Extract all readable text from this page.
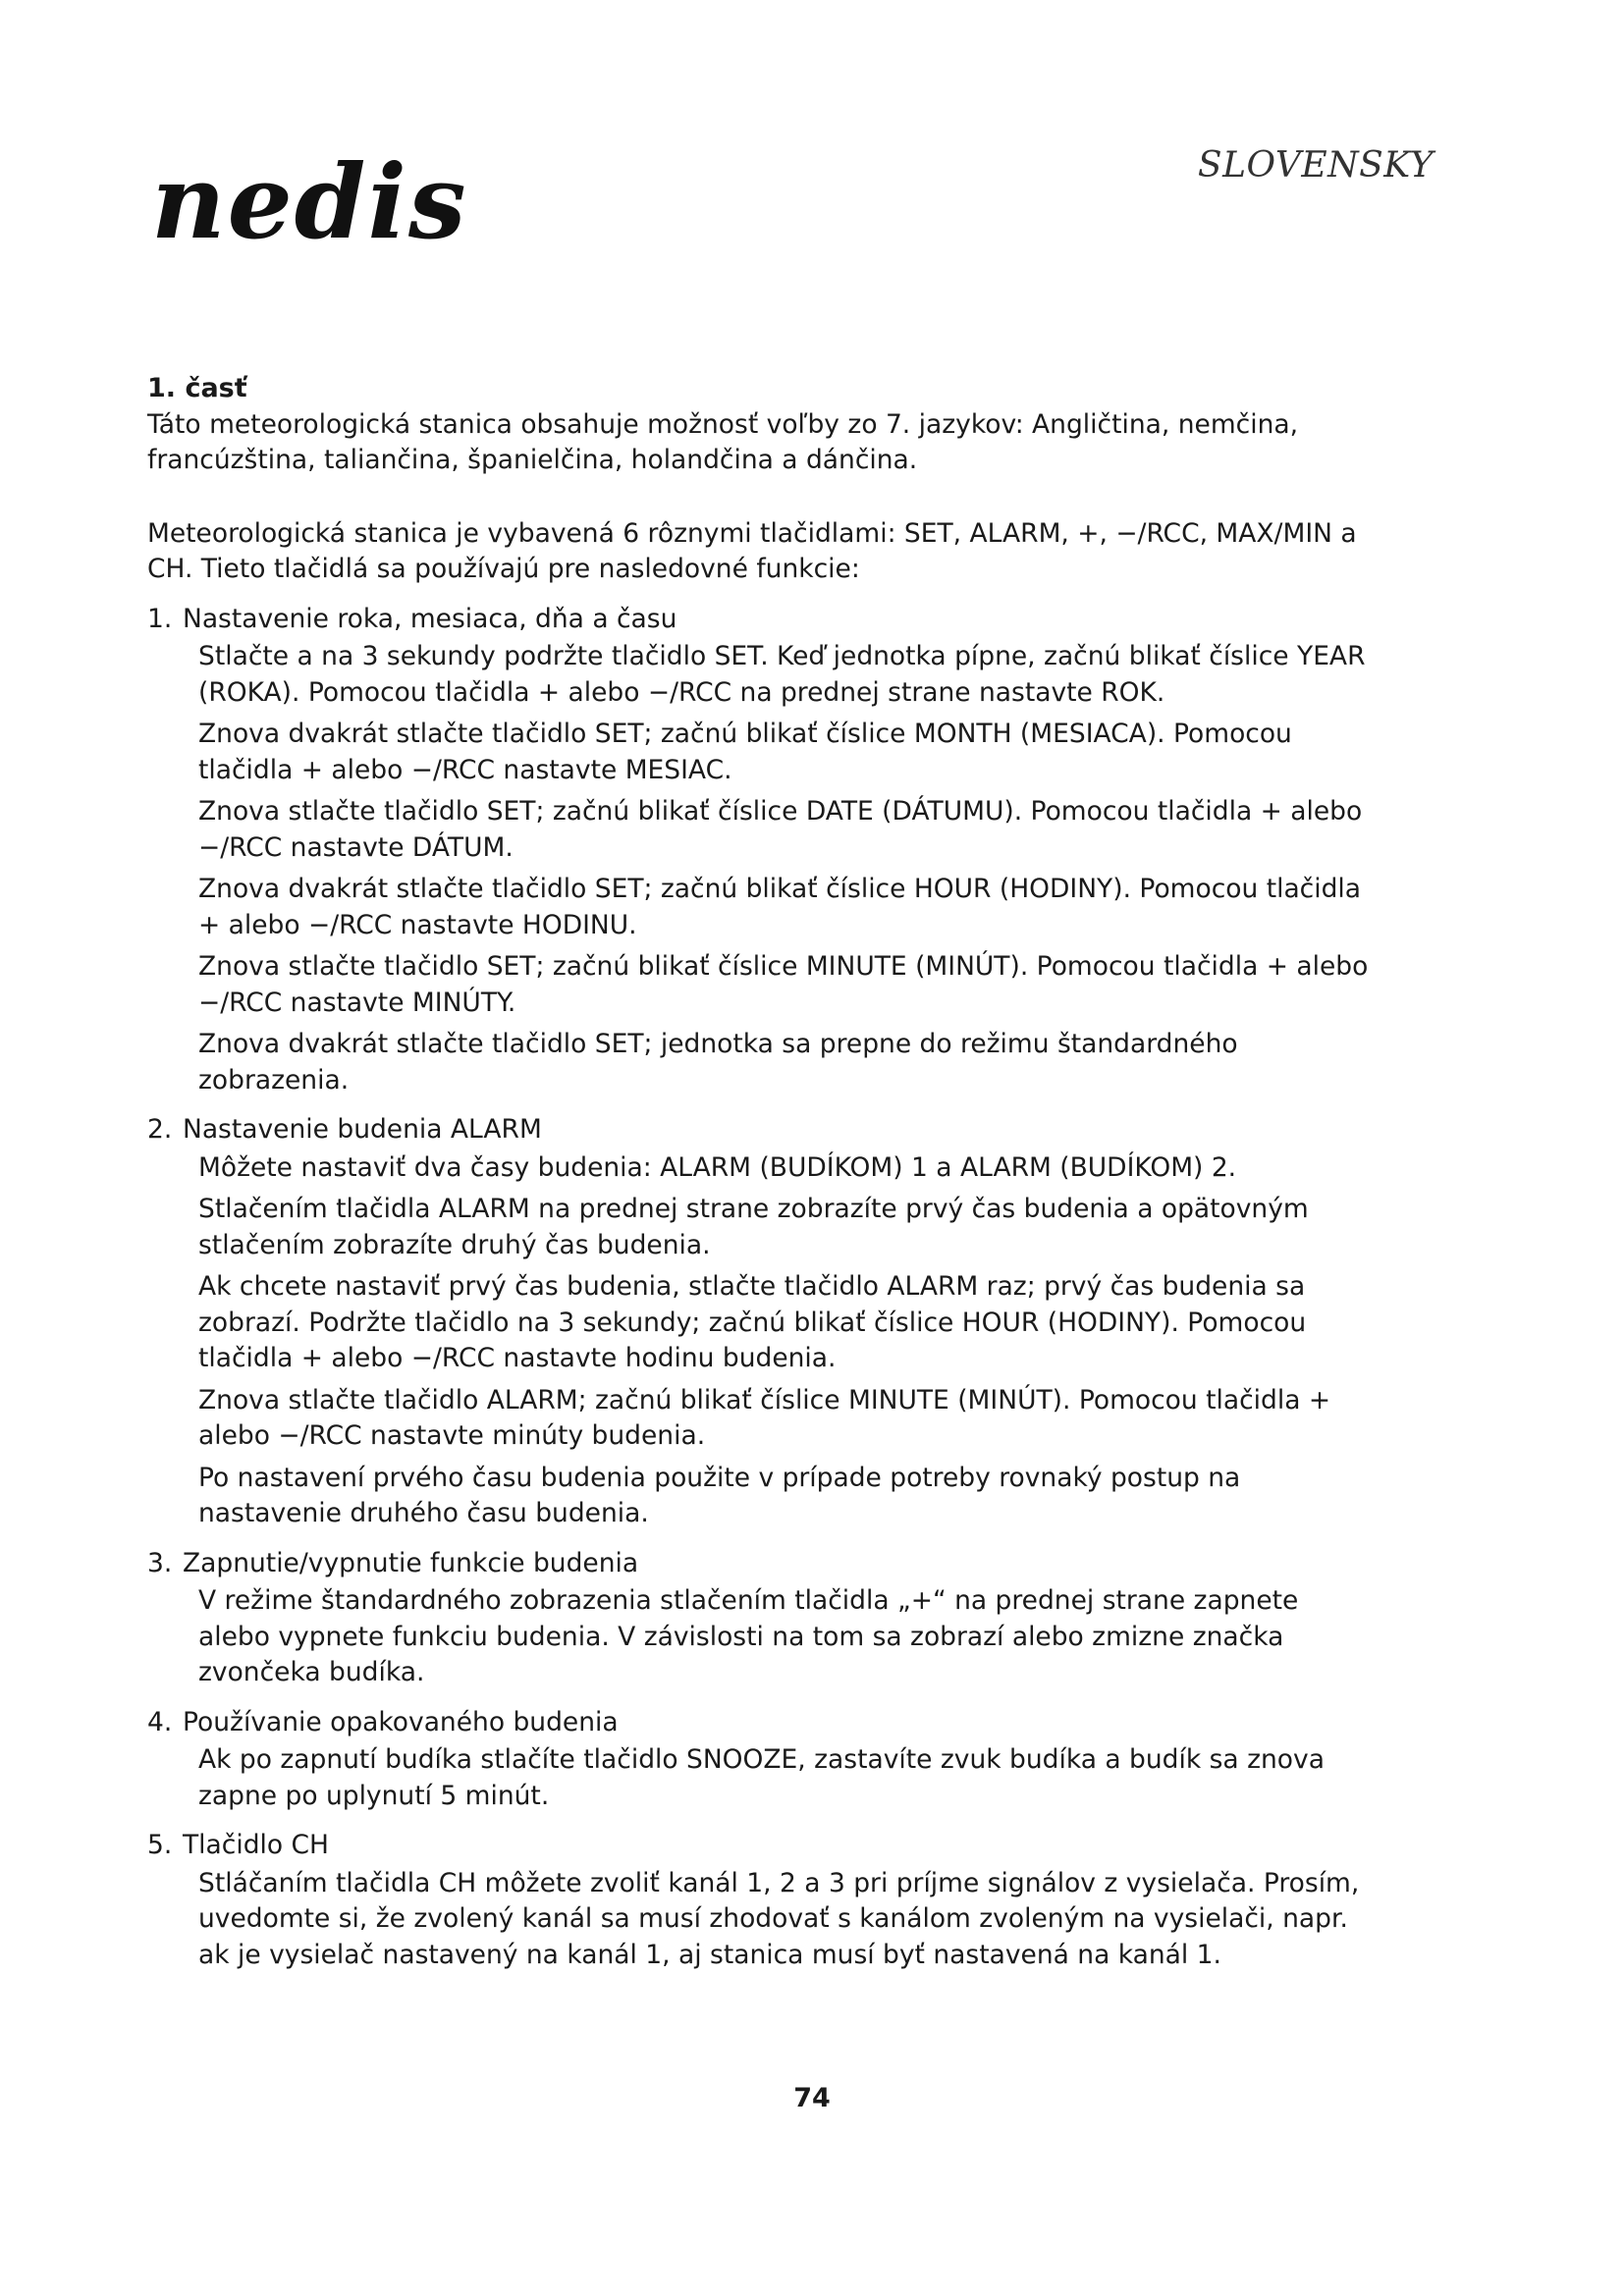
nedis	SLOVENSKY

1. časť

Táto meteorologická stanica obsahuje možnosť voľby zo 7. jazykov: Angličtina, nemčina, francúzština, taliančina, španielčina, holandčina a dánčina.

Meteorologická stanica je vybavená 6 rôznymi tlačidlami: SET, ALARM, +, −/RCC, MAX/MIN a CH. Tieto tlačidlá sa používajú pre nasledovné funkcie:

1. Nastavenie roka, mesiaca, dňa a času

Stlačte a na 3 sekundy podržte tlačidlo SET. Keď jednotka pípne, začnú blikať číslice YEAR (ROKA). Pomocou tlačidla + alebo −/RCC na prednej strane nastavte ROK.

Znova dvakrát stlačte tlačidlo SET; začnú blikať číslice MONTH (MESIACA). Pomocou tlačidla + alebo −/RCC nastavte MESIAC.

Znova stlačte tlačidlo SET; začnú blikať číslice DATE (DÁTUMU). Pomocou tlačidla + alebo −/RCC nastavte DÁTUM.

Znova dvakrát stlačte tlačidlo SET; začnú blikať číslice HOUR (HODINY). Pomocou tlačidla + alebo −/RCC nastavte HODINU.

Znova stlačte tlačidlo SET; začnú blikať číslice MINUTE (MINÚT). Pomocou tlačidla + alebo −/RCC nastavte MINÚTY.

Znova dvakrát stlačte tlačidlo SET; jednotka sa prepne do režimu štandardného zobrazenia.

2. Nastavenie budenia ALARM

Môžete nastaviť dva časy budenia: ALARM (BUDÍKOM) 1 a ALARM (BUDÍKOM) 2.

Stlačením tlačidla ALARM na prednej strane zobrazíte prvý čas budenia a opätovným stlačením zobrazíte druhý čas budenia.

Ak chcete nastaviť prvý čas budenia, stlačte tlačidlo ALARM raz; prvý čas budenia sa zobrazí. Podržte tlačidlo na 3 sekundy; začnú blikať číslice HOUR (HODINY). Pomocou tlačidla + alebo −/RCC nastavte hodinu budenia.

Znova stlačte tlačidlo ALARM; začnú blikať číslice MINUTE (MINÚT). Pomocou tlačidla + alebo −/RCC nastavte minúty budenia.

Po nastavení prvého času budenia použite v prípade potreby rovnaký postup na nastavenie druhého času budenia.

3. Zapnutie/vypnutie funkcie budenia

V režime štandardného zobrazenia stlačením tlačidla „+“ na prednej strane zapnete alebo vypnete funkciu budenia. V závislosti na tom sa zobrazí alebo zmizne značka zvončeka budíka.

4. Používanie opakovaného budenia

Ak po zapnutí budíka stlačíte tlačidlo SNOOZE, zastavíte zvuk budíka a budík sa znova zapne po uplynutí 5 minút.

5. Tlačidlo CH

Stláčaním tlačidla CH môžete zvoliť kanál 1, 2 a 3 pri príjme signálov z vysielača. Prosím, uvedomte si, že zvolený kanál sa musí zhodovať s kanálom zvoleným na vysielači, napr. ak je vysielač nastavený na kanál 1, aj stanica musí byť nastavená na kanál 1.

74
